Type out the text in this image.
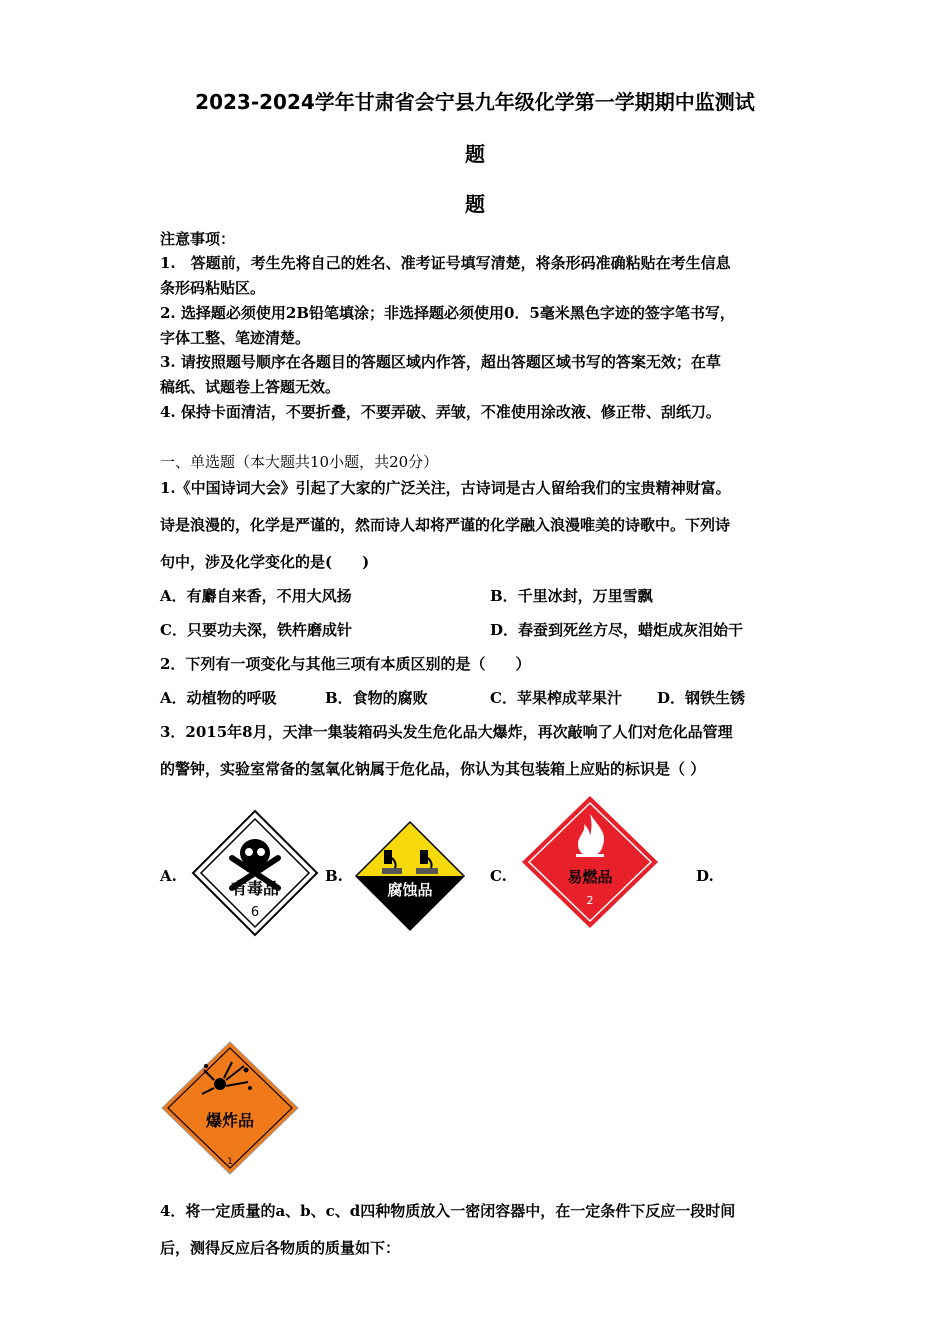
2023-2024学年甘肃省会宁县九年级化学第一学期期中监测试
题
题
注意事项：
1.　答题前，考生先将自己的姓名、准考证号填写清楚，将条形码准确粘贴在考生信息
条形码粘贴区。
2. 选择题必须使用2B铅笔填涂；非选择题必须使用0．5毫米黑色字迹的签字笔书写，
字体工整、笔迹清楚。
3. 请按照题号顺序在各题目的答题区域内作答，超出答题区域书写的答案无效；在草
稿纸、试题卷上答题无效。
4. 保持卡面清洁，不要折叠，不要弄破、弄皱，不准使用涂改液、修正带、刮纸刀。
一、单选题（本大题共10小题，共20分）
1.《中国诗词大会》引起了大家的广泛关注，古诗词是古人留给我们的宝贵精神财富。
诗是浪漫的，化学是严谨的，然而诗人却将严谨的化学融入浪漫唯美的诗歌中。下列诗
句中，涉及化学变化的是(　　)
A．有麝自来香，不用大风扬	B．千里冰封，万里雪飘
C．只要功夫深，铁杵磨成针	D．春蚕到死丝方尽，蜡炬成灰泪始干
2．下列有一项变化与其他三项有本质区别的是（　　）
A．动植物的呼吸	B．食物的腐败	C．苹果榨成苹果汁 D．钢铁生锈
3．2015年8月，天津一集装箱码头发生危化品大爆炸，再次敲响了人们对危化品管理
的警钟，实验室常备的氢氧化钠属于危化品，你认为其包装箱上应贴的标识是（ ）
A.	B.	C.	D.
有毒品
6
腐蚀品
易燃品
2
爆炸品
1
4．将一定质量的a、b、c、d四种物质放入一密闭容器中，在一定条件下反应一段时间
后，测得反应后各物质的质量如下：
